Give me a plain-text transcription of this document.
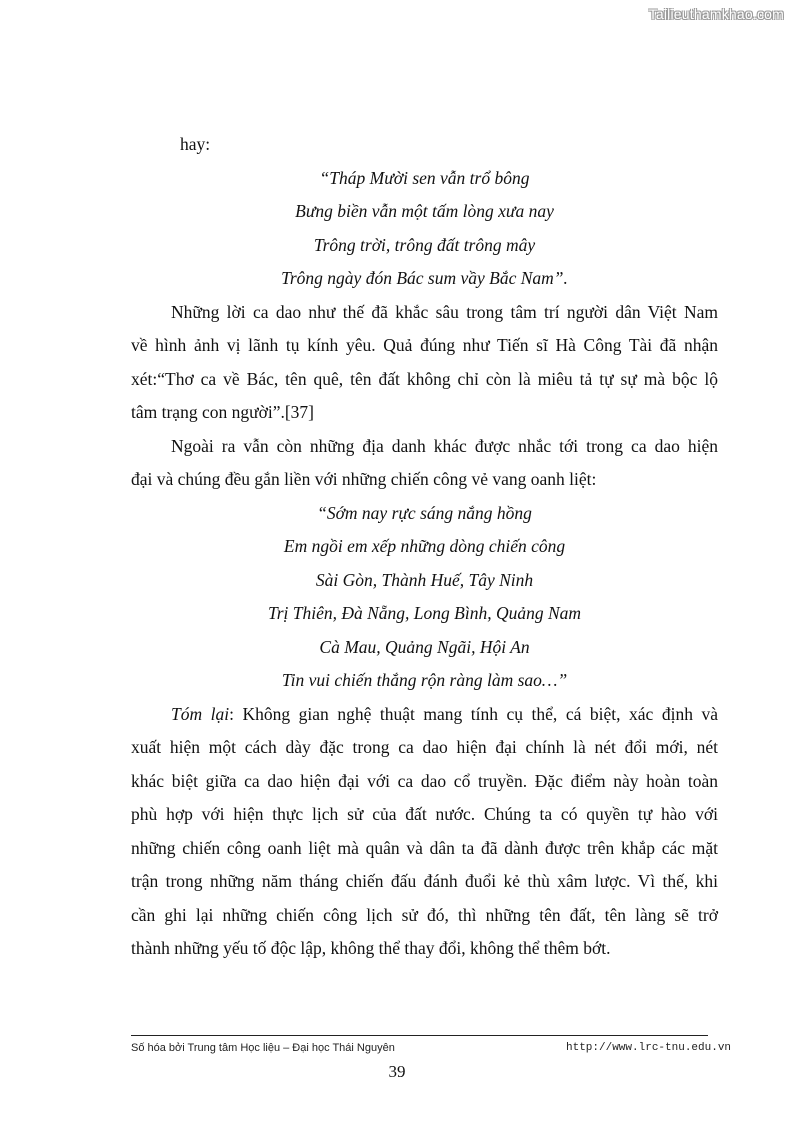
Tailieuthamkhao.com
hay:
“Tháp Mười sen vẫn trổ bông
Bưng biền vẫn một tấm lòng xưa nay
Trông trời, trông đất trông mây
Trông ngày đón Bác sum vầy Bắc Nam”.
Những lời ca dao như thế đã khắc sâu trong tâm trí người dân Việt Nam
về hình ảnh vị lãnh tụ kính yêu. Quả đúng như Tiến sĩ Hà Công Tài đã nhận
xét:“Thơ ca về Bác, tên quê, tên đất không chỉ còn là miêu tả tự sự mà bộc lộ
tâm trạng con người”.[37]
Ngoài ra vẫn còn những địa danh khác được nhắc tới trong ca dao hiện
đại và chúng đều gắn liền với những chiến công vẻ vang oanh liệt:
“Sớm nay rực sáng nắng hồng
Em ngồi em xếp những dòng chiến công
Sài Gòn, Thành Huế, Tây Ninh
Trị Thiên, Đà Nẵng, Long Bình, Quảng Nam
Cà Mau, Quảng Ngãi, Hội An
Tin vui chiến thắng rộn ràng làm sao…”
Tóm lại: Không gian nghệ thuật mang tính cụ thể, cá biệt, xác định và
xuất hiện một cách dày đặc trong ca dao hiện đại chính là nét đổi mới, nét
khác biệt giữa ca dao hiện đại với ca dao cổ truyền. Đặc điểm này hoàn toàn
phù hợp với hiện thực lịch sử của đất nước. Chúng ta có quyền tự hào với
những chiến công oanh liệt mà quân và dân ta đã dành được trên khắp các mặt
trận trong những năm tháng chiến đấu đánh đuổi kẻ thù xâm lược. Vì thế, khi
cần ghi lại những chiến công lịch sử đó, thì những tên đất, tên làng sẽ trở
thành những yếu tố độc lập, không thể thay đổi, không thể thêm bớt.
Số hóa bởi Trung tâm Học liệu – Đại học Thái Nguyên	http://www.lrc-tnu.edu.vn
39
